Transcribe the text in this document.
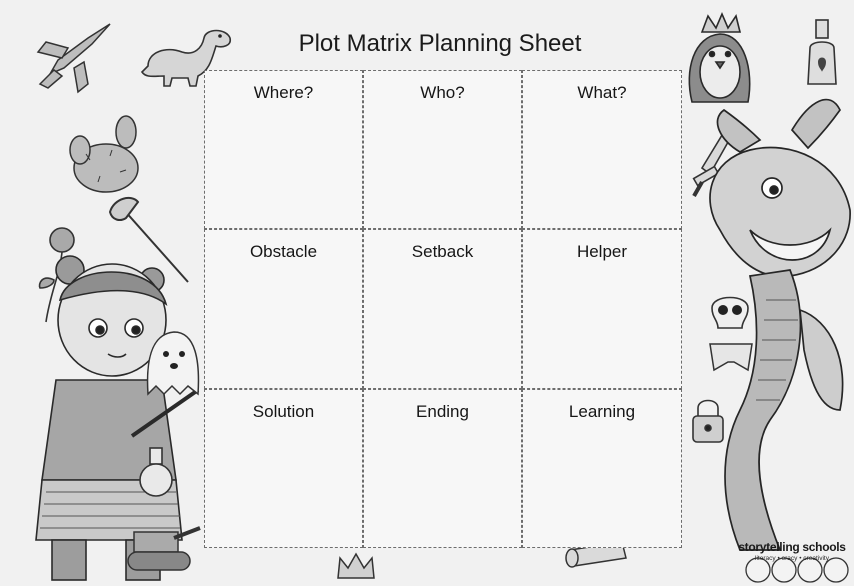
Plot Matrix Planning Sheet
Where?	Who?	What?
Obstacle	Setback	Helper
Solution	Ending	Learning
storytelling schools
literacy • oracy • creativity
